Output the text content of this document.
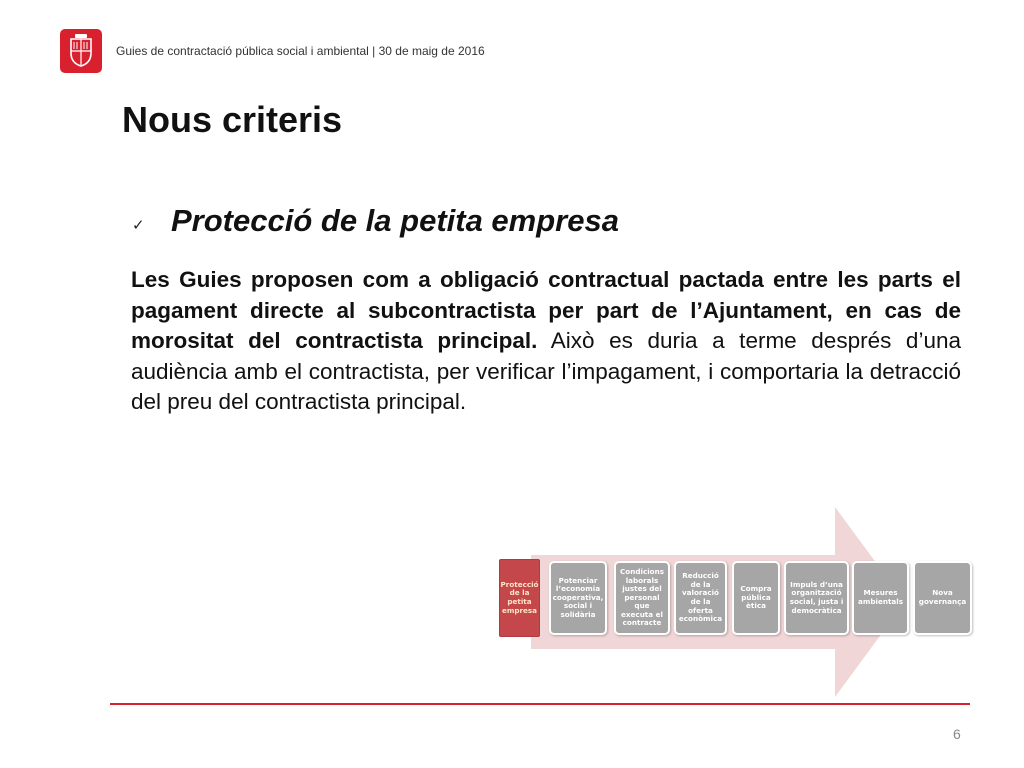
Guies de contractació pública social i ambiental | 30 de maig de 2016
Nous criteris
✓ Protecció de la petita empresa

Les Guies proposen com a obligació contractual pactada entre les parts el pagament directe al subcontractista per part de l’Ajuntament, en cas de morositat del contractista principal. Això es duria a terme després d’una audiència amb el contractista, per verificar l’impagament, i comportaria la detracció del preu del contractista principal.

Protecció de la petita empresa
Potenciar l’economia cooperativa, social i solidària
Condicions laborals justes del personal que executa el contracte
Reducció de la valoració de la oferta econòmica
Compra pública ètica
Impuls d’una organització social, justa i democràtica
Mesures ambientals
Nova governança
6
